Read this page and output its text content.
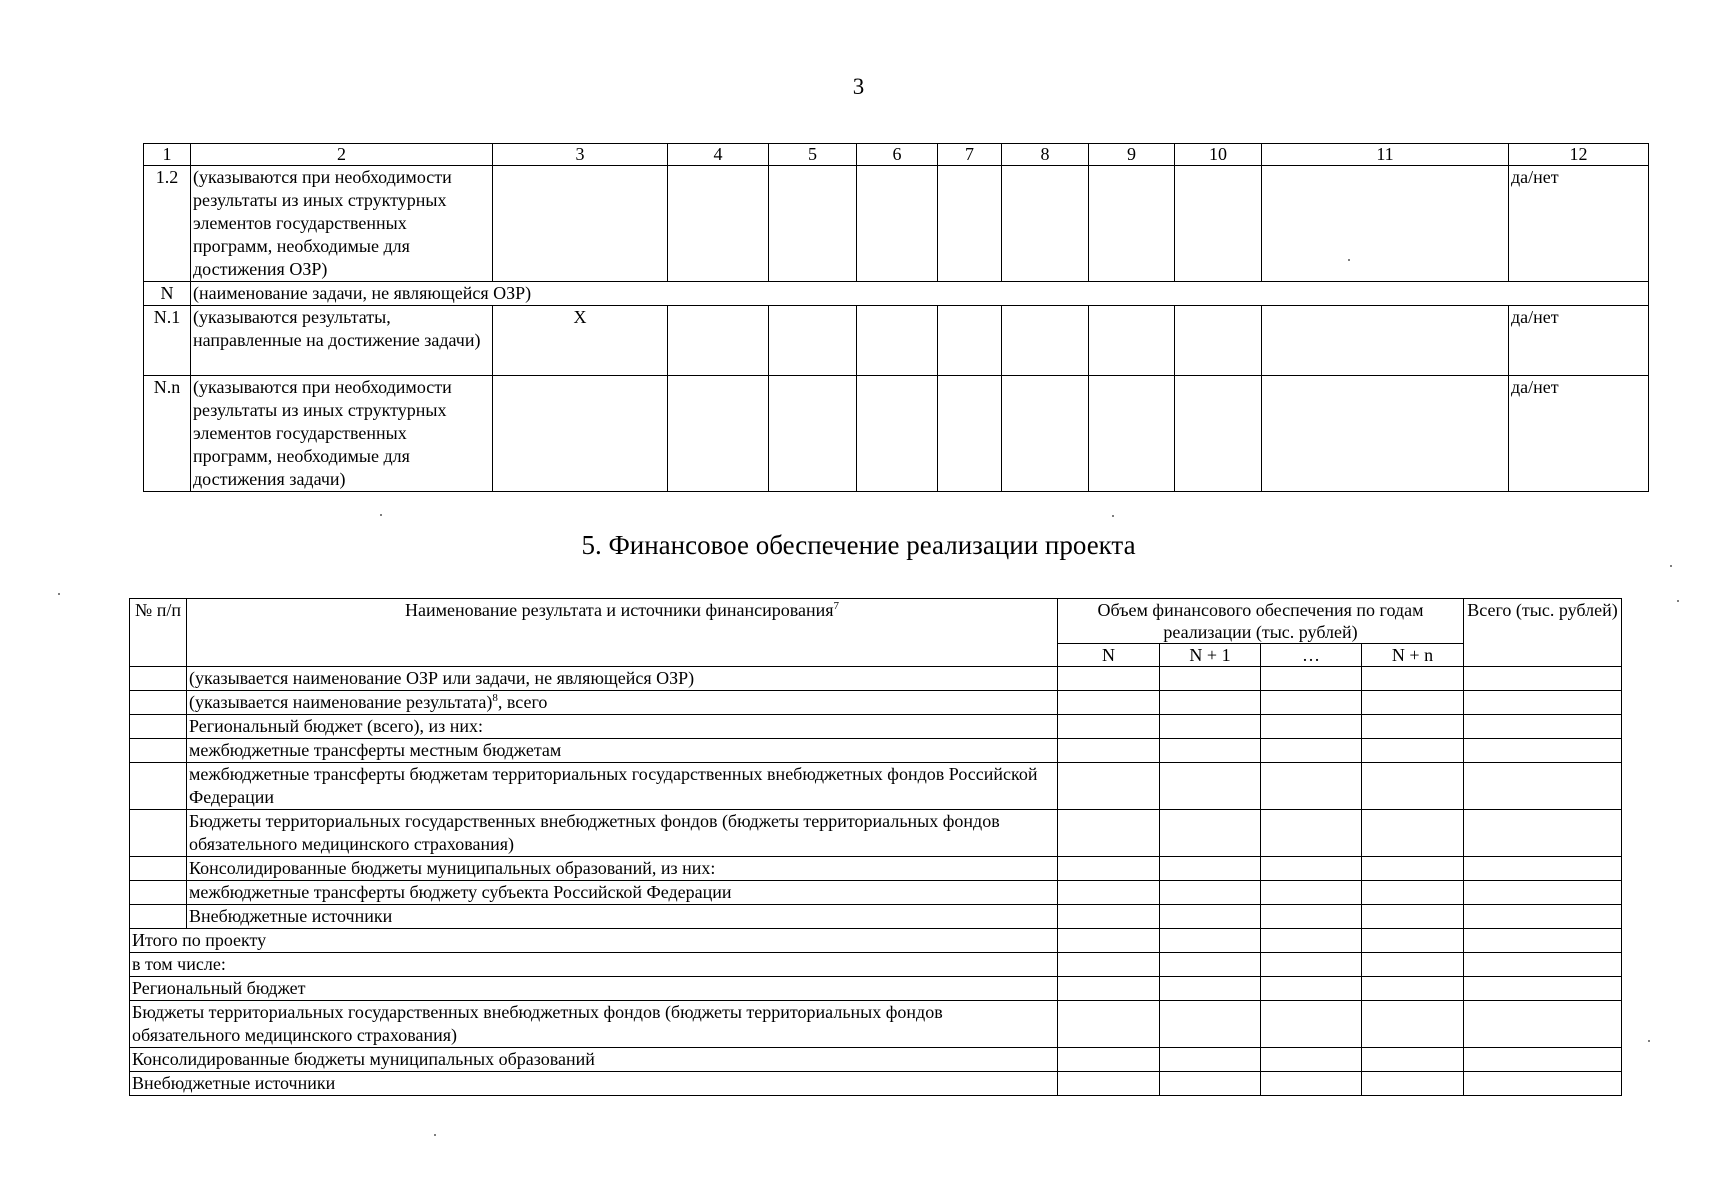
3
1	2	3	4	5	6	7	8	9	10	11	12
1.2	(указываются при необходимости результаты из иных структурных элементов государственных программ, необходимые для достижения ОЗР)										да/нет
N	(наименование задачи, не являющейся ОЗР)										
N.1	(указываются результаты, направленные на достижение задачи)	X									да/нет
N.n	(указываются при необходимости результаты из иных структурных элементов государственных программ, необходимые для достижения задачи)										да/нет
5. Финансовое обеспечение реализации проекта
№ п/п	Наименование результата и источники финансирования$^7$	Объем финансового обеспечения по годам реализации (тыс. рублей)				Всего (тыс. рублей)
		N	N + 1	…	N + n	
	(указывается наименование ОЗР или задачи, не являющейся ОЗР)					
	(указывается наименование результата)$^8$, всего					
	Региональный бюджет (всего), из них:					
	межбюджетные трансферты местным бюджетам					
	межбюджетные трансферты бюджетам территориальных государственных внебюджетных фондов Российской Федерации					
	Бюджеты территориальных государственных внебюджетных фондов (бюджеты территориальных фондов обязательного медицинского страхования)					
	Консолидированные бюджеты муниципальных образований, из них:					
	межбюджетные трансферты бюджету субъекта Российской Федерации					
	Внебюджетные источники					
Итого по проекту						
в том числе:						
Региональный бюджет						
Бюджеты территориальных государственных внебюджетных фондов (бюджеты территориальных фондов обязательного медицинского страхования)						
Консолидированные бюджеты муниципальных образований						
Внебюджетные источники						
